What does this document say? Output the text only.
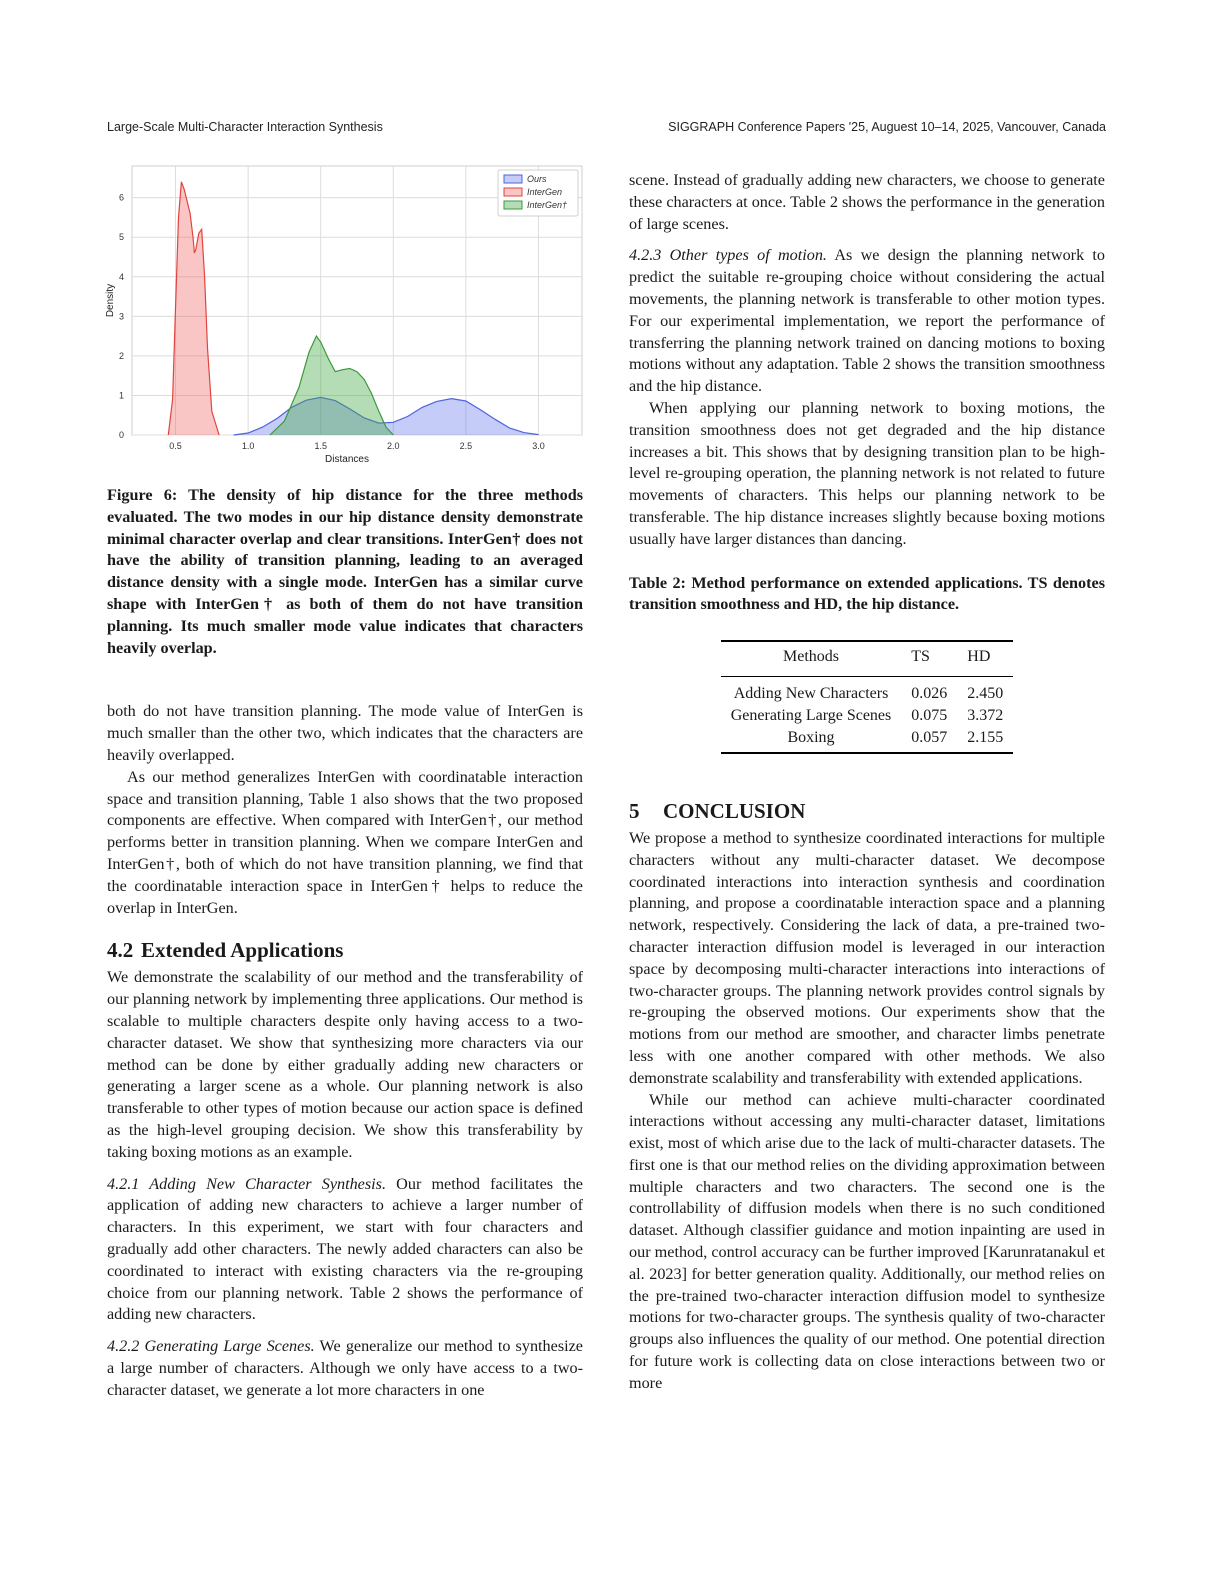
Large-Scale Multi-Character Interaction Synthesis	SIGGRAPH Conference Papers '25, Auguest 10–14, 2025, Vancouver, Canada
0.5	1.0	1.5	2.0	2.5	3.0
0
1
2
3
4
5
6
Distances
Density
Ours
InterGen
InterGen†

Figure 6: The density of hip distance for the three methods evaluated. The two modes in our hip distance density demonstrate minimal character overlap and clear transitions. InterGen† does not have the ability of transition planning, leading to an averaged distance density with a single mode. InterGen has a similar curve shape with InterGen† as both of them do not have transition planning. Its much smaller mode value indicates that characters heavily overlap.

both do not have transition planning. The mode value of InterGen is much smaller than the other two, which indicates that the characters are heavily overlapped.

As our method generalizes InterGen with coordinatable interaction space and transition planning, Table 1 also shows that the two proposed components are effective. When compared with InterGen†, our method performs better in transition planning. When we compare InterGen and InterGen†, both of which do not have transition planning, we find that the coordinatable interaction space in InterGen† helps to reduce the overlap in InterGen.

4.2 Extended Applications

We demonstrate the scalability of our method and the transferability of our planning network by implementing three applications. Our method is scalable to multiple characters despite only having access to a two-character dataset. We show that synthesizing more characters via our method can be done by either gradually adding new characters or generating a larger scene as a whole. Our planning network is also transferable to other types of motion because our action space is defined as the high-level grouping decision. We show this transferability by taking boxing motions as an example.

4.2.1 Adding New Character Synthesis. Our method facilitates the application of adding new characters to achieve a larger number of characters. In this experiment, we start with four characters and gradually add other characters. The newly added characters can also be coordinated to interact with existing characters via the re-grouping choice from our planning network. Table 2 shows the performance of adding new characters.

4.2.2 Generating Large Scenes. We generalize our method to synthesize a large number of characters. Although we only have access to a two-character dataset, we generate a lot more characters in one

scene. Instead of gradually adding new characters, we choose to generate these characters at once. Table 2 shows the performance in the generation of large scenes.

4.2.3 Other types of motion. As we design the planning network to predict the suitable re-grouping choice without considering the actual movements, the planning network is transferable to other motion types. For our experimental implementation, we report the performance of transferring the planning network trained on dancing motions to boxing motions without any adaptation. Table 2 shows the transition smoothness and the hip distance.

When applying our planning network to boxing motions, the transition smoothness does not get degraded and the hip distance increases a bit. This shows that by designing transition plan to be high-level re-grouping operation, the planning network is not related to future movements of characters. This helps our planning network to be transferable. The hip distance increases slightly because boxing motions usually have larger distances than dancing.

Table 2: Method performance on extended applications. TS denotes transition smoothness and HD, the hip distance.

Methods	TS	HD
Adding New Characters	0.026	2.450
Generating Large Scenes	0.075	3.372
Boxing	0.057	2.155
5 CONCLUSION

We propose a method to synthesize coordinated interactions for multiple characters without any multi-character dataset. We decompose coordinated interactions into interaction synthesis and coordination planning, and propose a coordinatable interaction space and a planning network, respectively. Considering the lack of data, a pre-trained two-character interaction diffusion model is leveraged in our interaction space by decomposing multi-character interactions into interactions of two-character groups. The planning network provides control signals by re-grouping the observed motions. Our experiments show that the motions from our method are smoother, and character limbs penetrate less with one another compared with other methods. We also demonstrate scalability and transferability with extended applications.

While our method can achieve multi-character coordinated interactions without accessing any multi-character dataset, limitations exist, most of which arise due to the lack of multi-character datasets. The first one is that our method relies on the dividing approximation between multiple characters and two characters. The second one is the controllability of diffusion models when there is no such conditioned dataset. Although classifier guidance and motion inpainting are used in our method, control accuracy can be further improved [Karunratanakul et al. 2023] for better generation quality. Additionally, our method relies on the pre-trained two-character interaction diffusion model to synthesize motions for two-character groups. The synthesis quality of two-character groups also influences the quality of our method. One potential direction for future work is collecting data on close interactions between two or more
